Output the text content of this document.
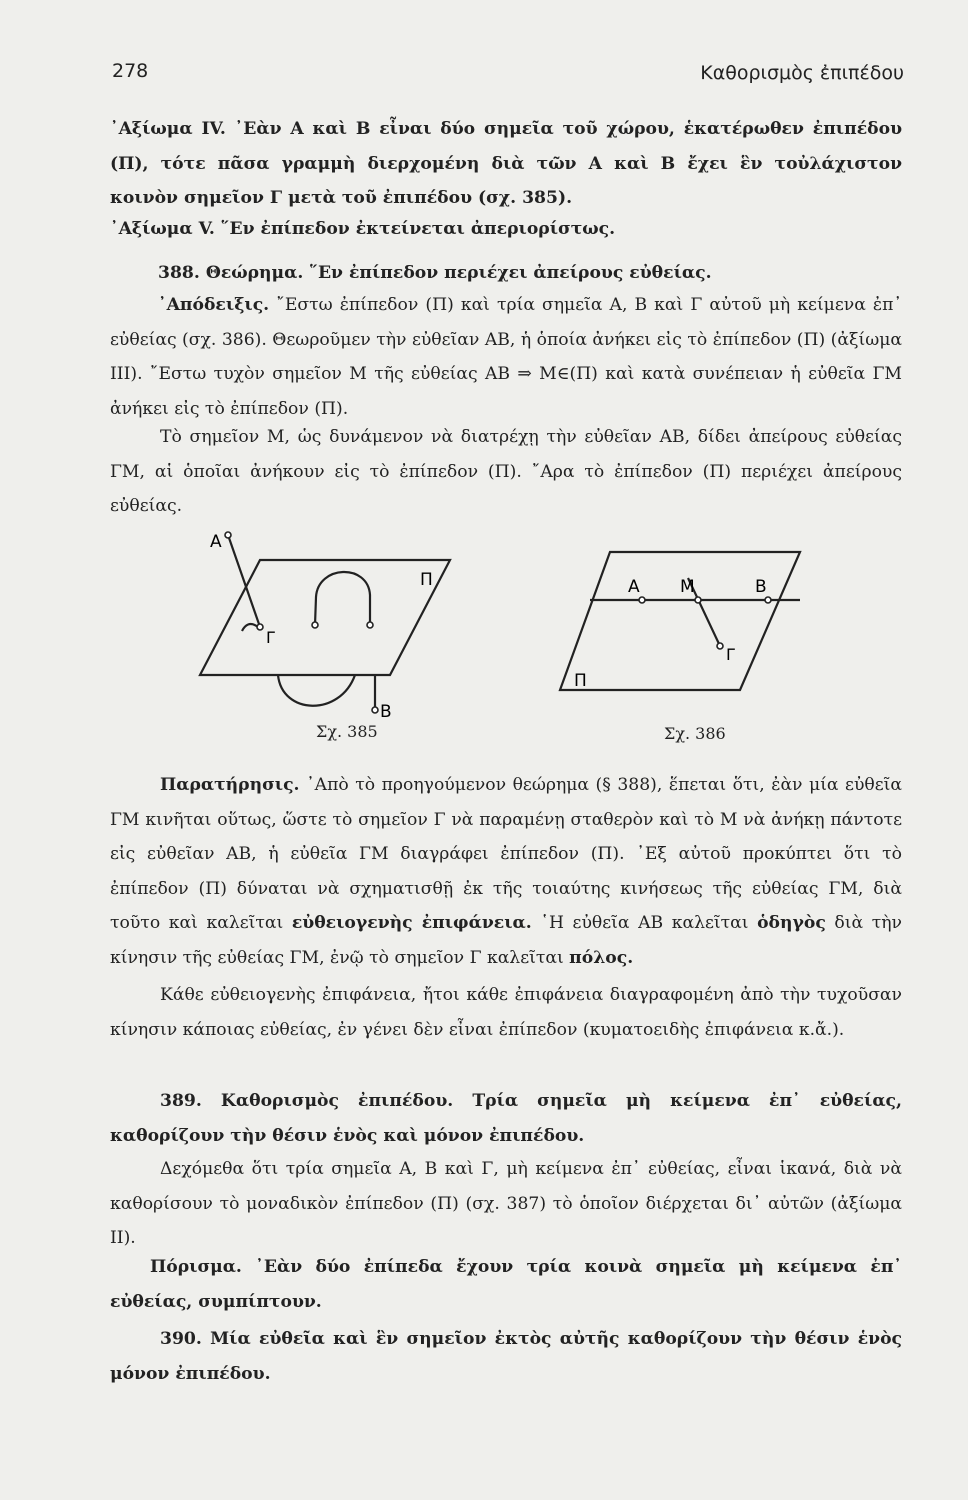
278	Καθορισμὸς ἐπιπέδου
᾿Αξίωμα IV. ᾿Εὰν Α καὶ Β εἶναι δύο σημεῖα τοῦ χώρου, ἑκατέρωθεν ἐπιπέδου (Π), τότε πᾶσα γραμμὴ διερχομένη διὰ τῶν Α καὶ Β ἔχει ἓν τοὐλάχιστον κοινὸν σημεῖον Γ μετὰ τοῦ ἐπιπέδου (σχ. 385).
᾿Αξίωμα V. ῞Εν ἐπίπεδον ἐκτείνεται ἀπεριορίστως.
388. Θεώρημα. ῞Εν ἐπίπεδον περιέχει ἀπείρους εὐθείας.
᾿Απόδειξις. ῎Εστω ἐπίπεδον (Π) καὶ τρία σημεῖα Α, Β καὶ Γ αὐτοῦ μὴ κείμενα ἐπ᾿ εὐθείας (σχ. 386). Θεωροῦμεν τὴν εὐθεῖαν ΑΒ, ἡ ὁποία ἀνήκει εἰς τὸ ἐπίπεδον (Π) (ἀξίωμα ΙΙΙ). ῎Εστω τυχὸν σημεῖον Μ τῆς εὐθείας ΑΒ ⇒ Μ∈(Π) καὶ κατὰ συνέπειαν ἡ εὐθεῖα ΓΜ ἀνήκει εἰς τὸ ἐπίπεδον (Π).
Τὸ σημεῖον Μ, ὡς δυνάμενον νὰ διατρέχῃ τὴν εὐθεῖαν ΑΒ, δίδει ἀπείρους εὐθείας ΓΜ, αἱ ὁποῖαι ἀνήκουν εἰς τὸ ἐπίπεδον (Π). ῎Αρα τὸ ἐπίπεδον (Π) περιέχει ἀπείρους εὐθείας.
A
Γ
Π
B
Σχ. 385
A M	B
Γ
Π
Σχ. 386
Παρατήρησις. ᾿Απὸ τὸ προηγούμενον θεώρημα (§ 388), ἕπεται ὅτι, ἐὰν μία εὐθεῖα ΓΜ κινῆται οὕτως, ὥστε τὸ σημεῖον Γ νὰ παραμένῃ σταθερὸν καὶ τὸ Μ νὰ ἀνήκῃ πάντοτε εἰς εὐθεῖαν ΑΒ, ἡ εὐθεῖα ΓΜ διαγράφει ἐπίπεδον (Π). ᾿Εξ αὐτοῦ προκύπτει ὅτι τὸ ἐπίπεδον (Π) δύναται νὰ σχηματισθῇ ἐκ τῆς τοιαύτης κινήσεως τῆς εὐθείας ΓΜ, διὰ τοῦτο καὶ καλεῖται εὐθειογενὴς ἐπιφάνεια. ῾Η εὐθεῖα ΑΒ καλεῖται ὁδηγὸς διὰ τὴν κίνησιν τῆς εὐθείας ΓΜ, ἐνῷ τὸ σημεῖον Γ καλεῖται πόλος.
Κάθε εὐθειογενὴς ἐπιφάνεια, ἤτοι κάθε ἐπιφάνεια διαγραφομένη ἀπὸ τὴν τυχοῦσαν κίνησιν κάποιας εὐθείας, ἐν γένει δὲν εἶναι ἐπίπεδον (κυματοειδὴς ἐπιφάνεια κ.ἄ.).
389. Καθορισμὸς ἐπιπέδου. Τρία σημεῖα μὴ κείμενα ἐπ᾿ εὐθείας, καθορίζουν τὴν θέσιν ἑνὸς καὶ μόνον ἐπιπέδου.
Δεχόμεθα ὅτι τρία σημεῖα Α, Β καὶ Γ, μὴ κείμενα ἐπ᾿ εὐθείας, εἶναι ἱκανά, διὰ νὰ καθορίσουν τὸ μοναδικὸν ἐπίπεδον (Π) (σχ. 387) τὸ ὁποῖον διέρχεται δι᾿ αὐτῶν (ἀξίωμα ΙΙ).
Πόρισμα. ᾿Εὰν δύο ἐπίπεδα ἔχουν τρία κοινὰ σημεῖα μὴ κείμενα ἐπ᾿ εὐθείας, συμπίπτουν.
390. Μία εὐθεῖα καὶ ἓν σημεῖον ἐκτὸς αὐτῆς καθορίζουν τὴν θέσιν ἑνὸς μόνον ἐπιπέδου.
